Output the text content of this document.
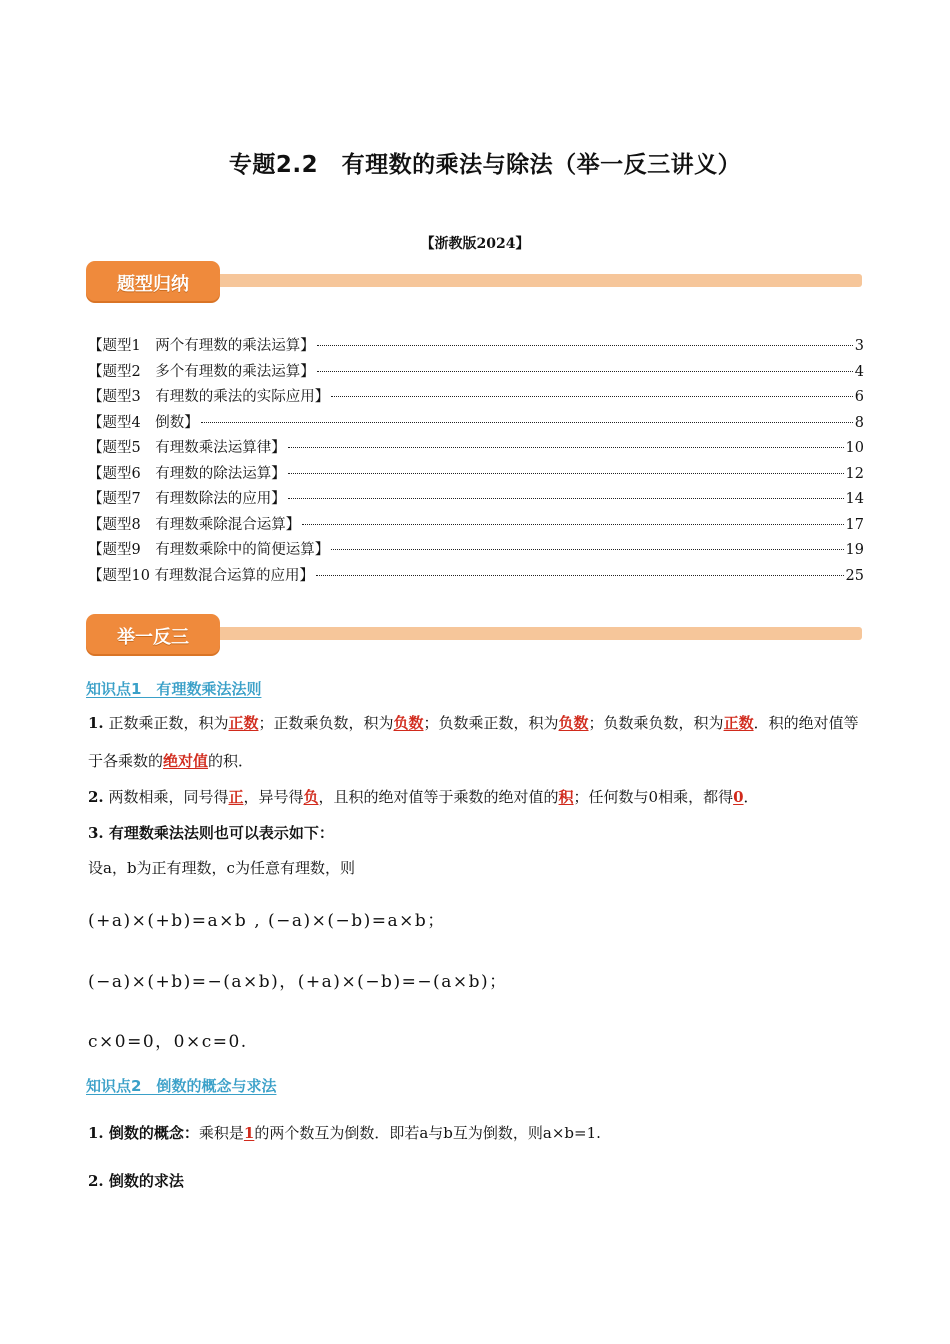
专题2.2　有理数的乘法与除法（举一反三讲义）
【浙教版2024】
题型归纳
【题型1　两个有理数的乘法运算】	3
【题型2　多个有理数的乘法运算】	4
【题型3　有理数的乘法的实际应用】	6
【题型4　倒数】	8
【题型5　有理数乘法运算律】	10
【题型6　有理数的除法运算】	12
【题型7　有理数除法的应用】	14
【题型8　有理数乘除混合运算】	17
【题型9　有理数乘除中的简便运算】	19
【题型10 有理数混合运算的应用】	25
举一反三
知识点1　有理数乘法法则
1. 正数乘正数，积为正数；正数乘负数，积为负数；负数乘正数，积为负数；负数乘负数，积为正数．积的绝对值等于各乘数的绝对值的积．
2. 两数相乘，同号得正，异号得负，且积的绝对值等于乘数的绝对值的积；任何数与0相乘，都得0．
3. 有理数乘法法则也可以表示如下：
设a，b为正有理数，c为任意有理数，则
(+a)×(+b)=a×b , (−a)×(−b)=a×b；
(−a)×(+b)=−(a×b)，(+a)×(−b)=−(a×b)；
c×0=0，0×c=0.
知识点2　倒数的概念与求法
1. 倒数的概念：乘积是1的两个数互为倒数．即若a与b互为倒数，则a×b=1.
2. 倒数的求法
